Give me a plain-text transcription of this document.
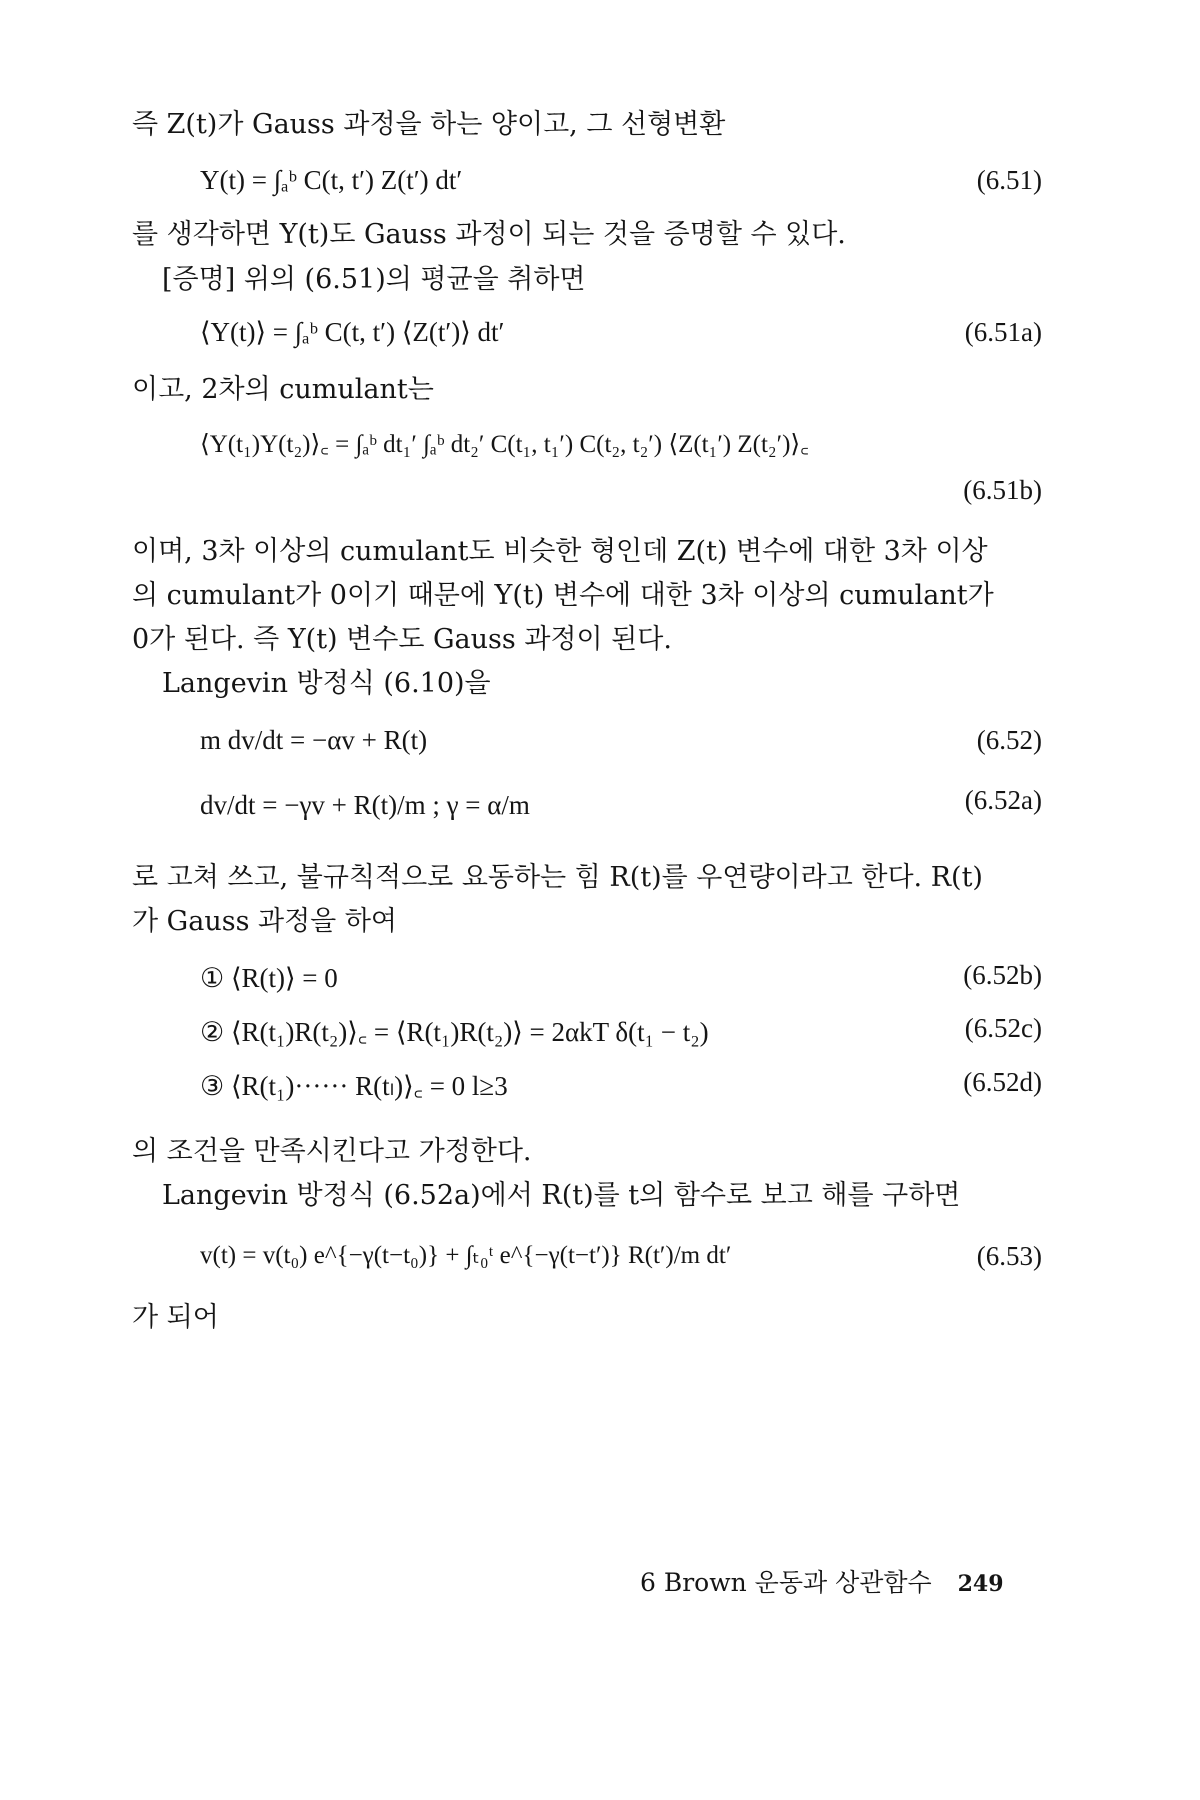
즉 Z(t)가 Gauss 과정을 하는 양이고, 그 선형변환
Y(t) = ∫ₐᵇ C(t, t′) Z(t′) dt′	(6.51)
를 생각하면 Y(t)도 Gauss 과정이 되는 것을 증명할 수 있다.
[증명] 위의 (6.51)의 평균을 취하면
⟨Y(t)⟩ = ∫ₐᵇ C(t, t′) ⟨Z(t′)⟩ dt′	(6.51a)
이고, 2차의 cumulant는
⟨Y(t₁)Y(t₂)⟩꜀ = ∫ₐᵇ dt₁′ ∫ₐᵇ dt₂′ C(t₁, t₁′) C(t₂, t₂′) ⟨Z(t₁′) Z(t₂′)⟩꜀
(6.51b)
이며, 3차 이상의 cumulant도 비슷한 형인데 Z(t) 변수에 대한 3차 이상
의 cumulant가 0이기 때문에 Y(t) 변수에 대한 3차 이상의 cumulant가
0가 된다. 즉 Y(t) 변수도 Gauss 과정이 된다.
Langevin 방정식 (6.10)을
m dv/dt = −αv + R(t)	(6.52)
dv/dt = −γv + R(t)/m ; γ = α/m	(6.52a)
로 고쳐 쓰고, 불규칙적으로 요동하는 힘 R(t)를 우연량이라고 한다. R(t)
가 Gauss 과정을 하여
① ⟨R(t)⟩ = 0	(6.52b)
② ⟨R(t₁)R(t₂)⟩꜀ = ⟨R(t₁)R(t₂)⟩ = 2αkT δ(t₁ − t₂)	(6.52c)
③ ⟨R(t₁)······ R(tₗ)⟩꜀ = 0 l≥3	(6.52d)
의 조건을 만족시킨다고 가정한다.
Langevin 방정식 (6.52a)에서 R(t)를 t의 함수로 보고 해를 구하면
v(t) = v(t₀) e^{−γ(t−t₀)} + ∫ₜ₀ᵗ e^{−γ(t−t′)} R(t′)/m dt′	(6.53)
가 되어
6 Brown 운동과 상관함수 249
